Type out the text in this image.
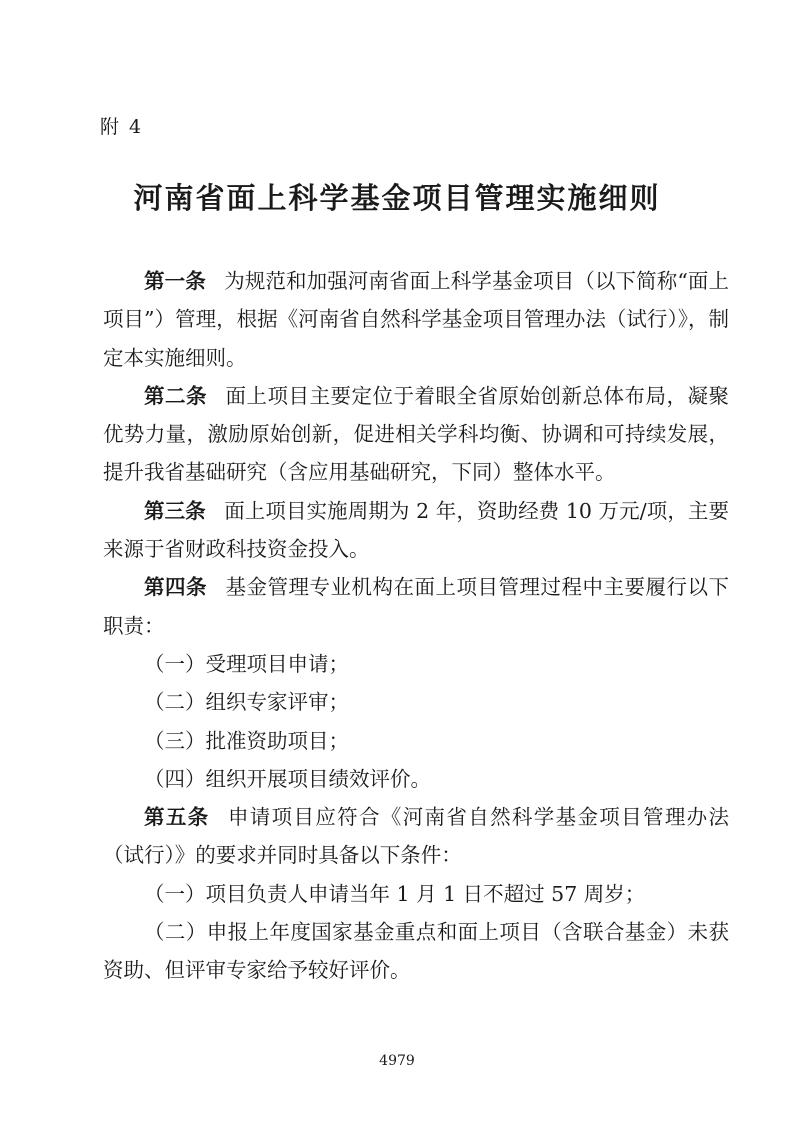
附 4
河南省面上科学基金项目管理实施细则

第一条 为规范和加强河南省面上科学基金项目（以下简称“面上项目”）管理，根据《河南省自然科学基金项目管理办法（试行）》，制定本实施细则。

第二条 面上项目主要定位于着眼全省原始创新总体布局，凝聚优势力量，激励原始创新，促进相关学科均衡、协调和可持续发展，提升我省基础研究（含应用基础研究，下同）整体水平。

第三条 面上项目实施周期为 2 年，资助经费 10 万元/项，主要来源于省财政科技资金投入。

第四条 基金管理专业机构在面上项目管理过程中主要履行以下职责：

（一）受理项目申请；

（二）组织专家评审；

（三）批准资助项目；

（四）组织开展项目绩效评价。

第五条 申请项目应符合《河南省自然科学基金项目管理办法（试行）》的要求并同时具备以下条件：

（一）项目负责人申请当年 1 月 1 日不超过 57 周岁；

（二）申报上年度国家基金重点和面上项目（含联合基金）未获资助、但评审专家给予较好评价。

4979
